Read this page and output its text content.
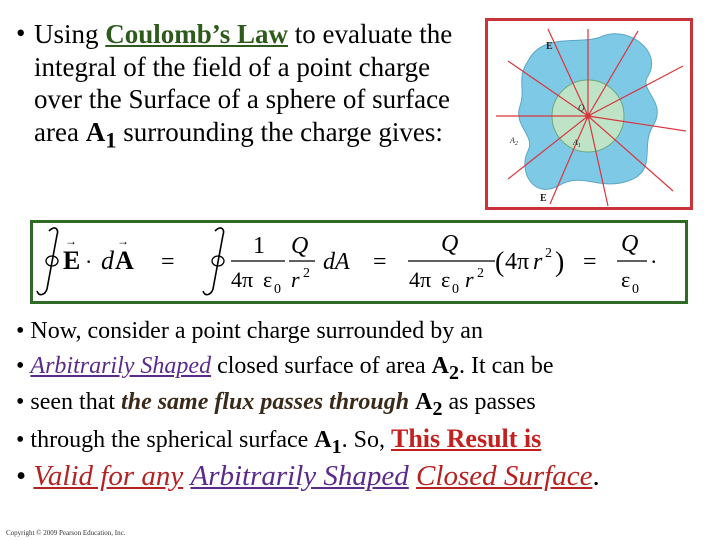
• Using Coulomb’s Law to evaluate the integral of the field of a point charge over the Surface of a sphere of surface area $A_1$ surrounding the charge gives:

E
E
Q
$A_1$
$A_2$
E
→
· d A
→
=
1
4π ε 0
Q
r 2 dA =
Q
4π ε 0 r 2 ( 4π r 2 ) =
Q
ε 0
.
• Now, consider a point charge surrounded by an
• Arbitrarily Shaped closed surface of area $A_2$. It can be
• seen that the same flux passes through $A_2$ as passes
• through the spherical surface $A_1$. So, This Result is
• Valid for any Arbitrarily Shaped Closed Surface.
Copyright © 2009 Pearson Education, Inc.
